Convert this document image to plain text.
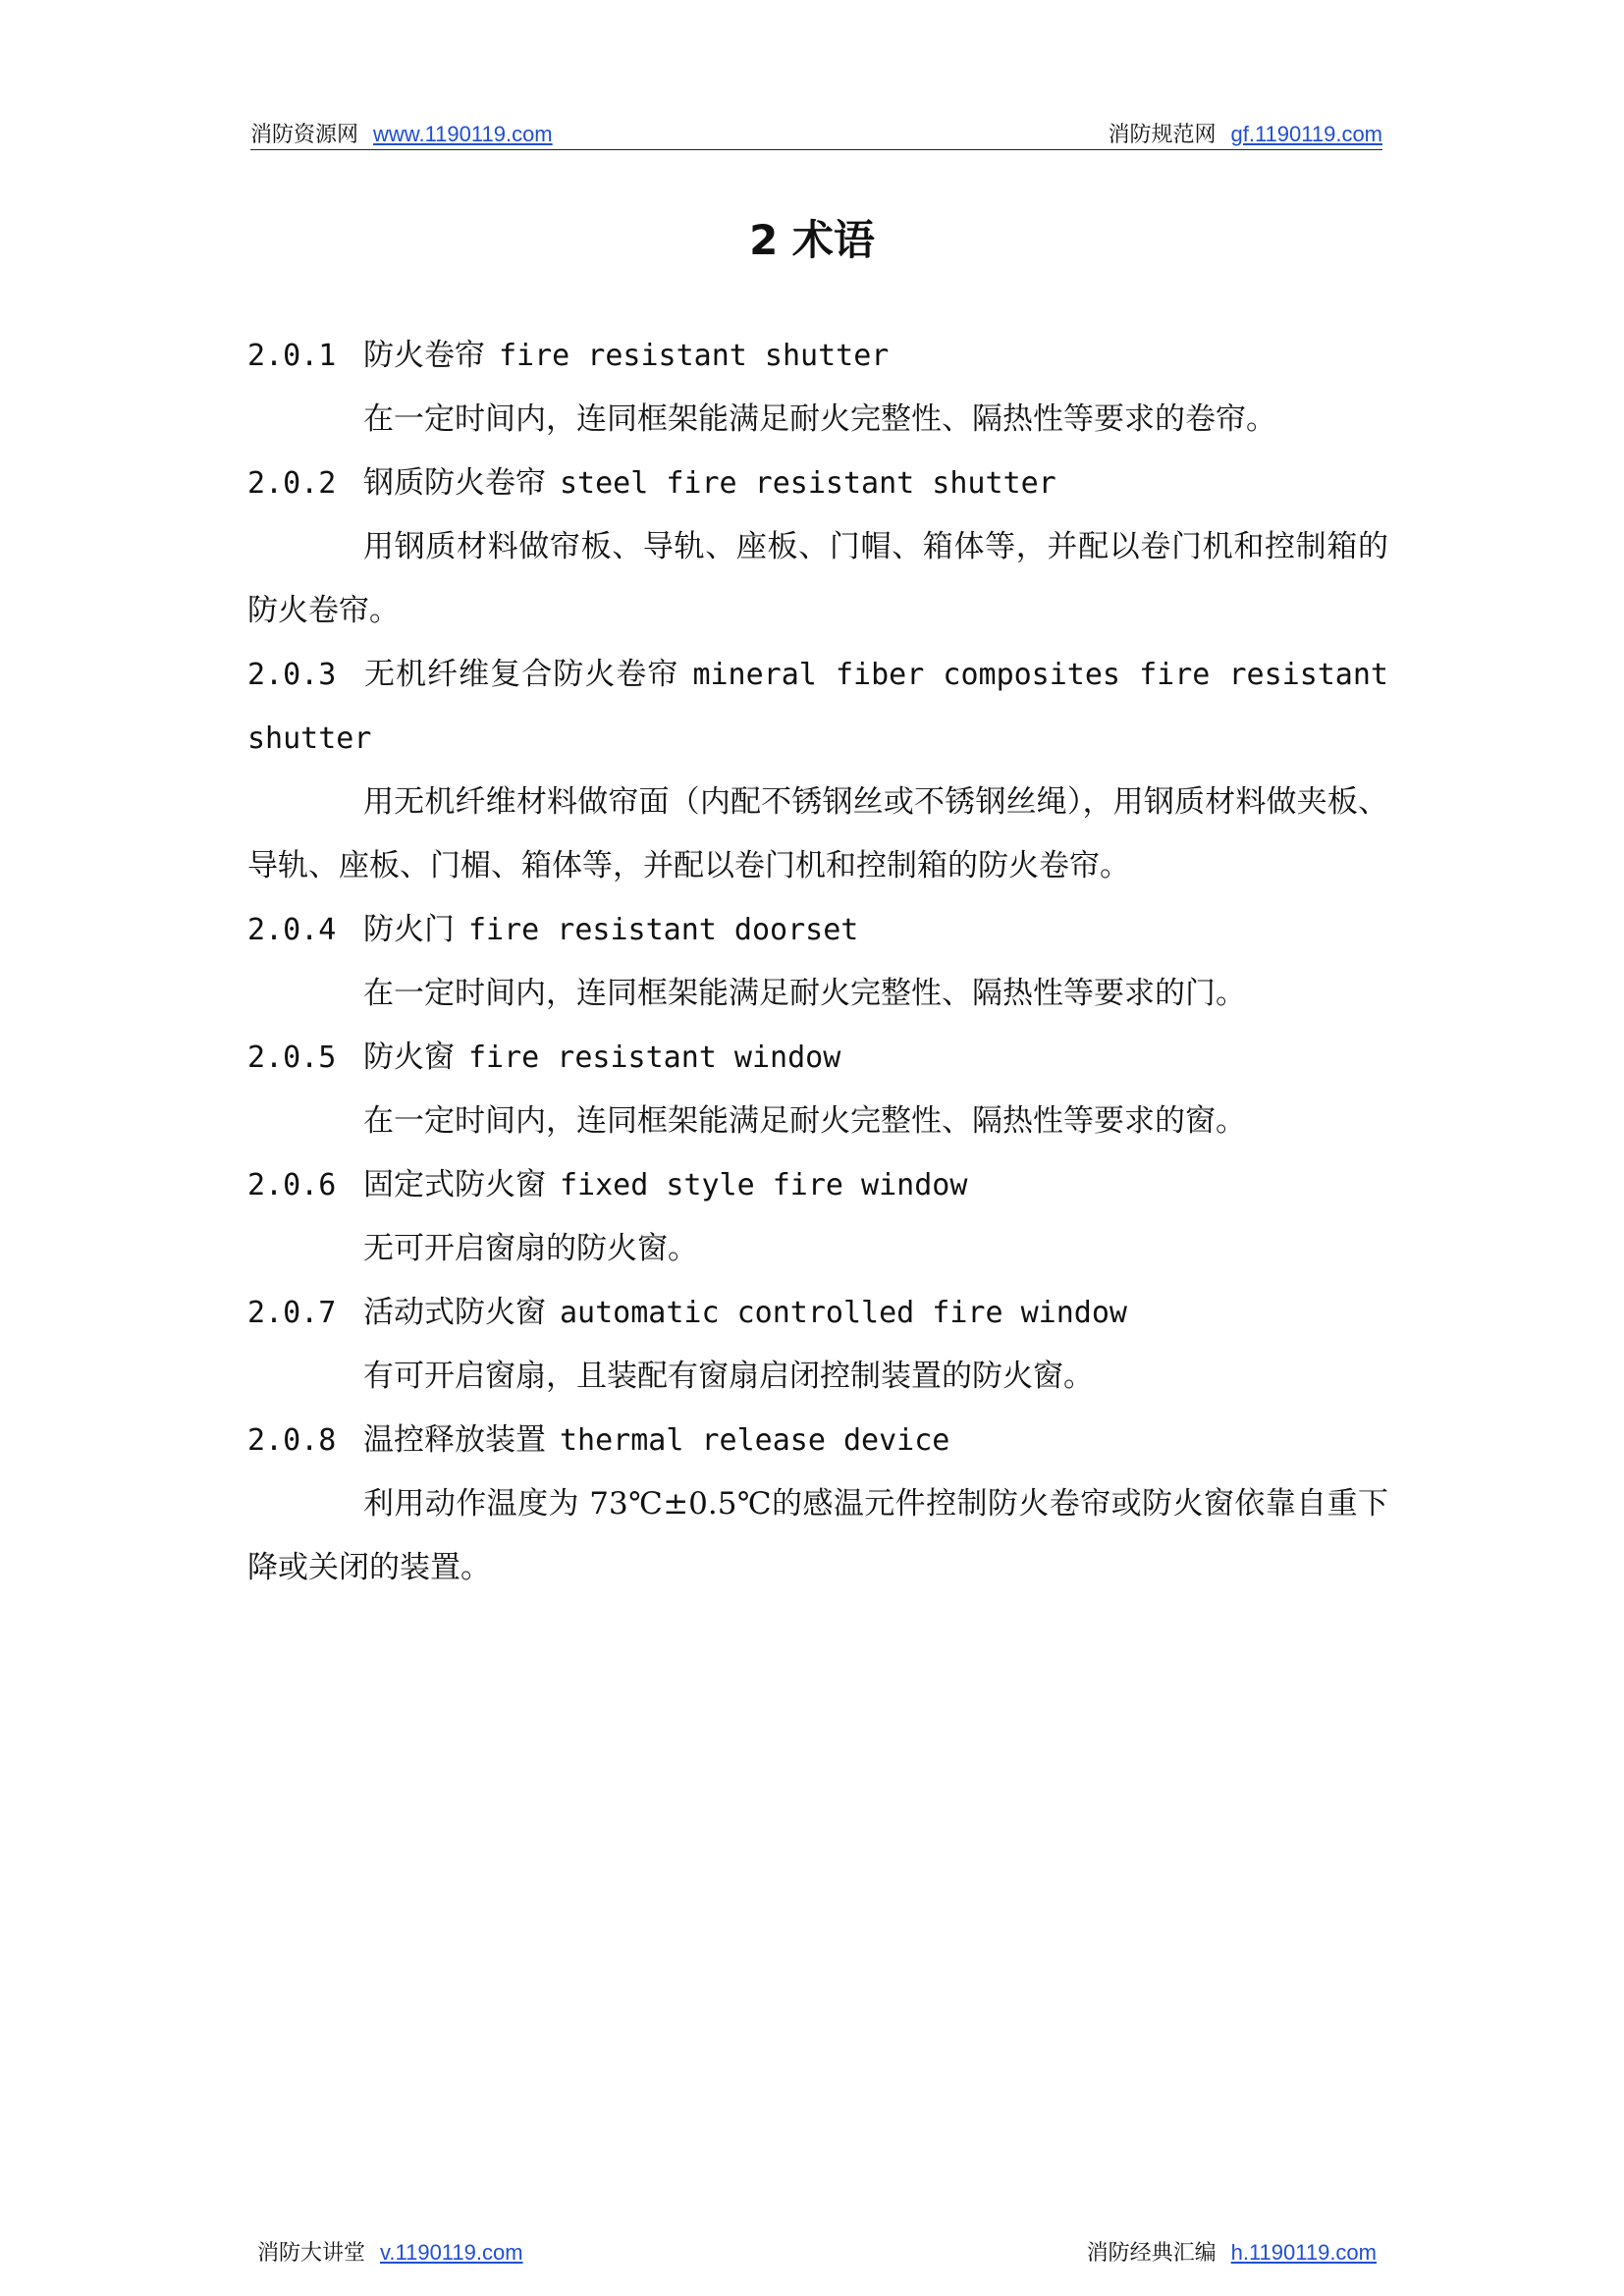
消防资源网 www.1190119.com	消防规范网 gf.1190119.com
2 术语
2.0.1 防火卷帘 fire resistant shutter
在一定时间内，连同框架能满足耐火完整性、隔热性等要求的卷帘。
2.0.2 钢质防火卷帘 steel fire resistant shutter
用钢质材料做帘板、导轨、座板、门帽、箱体等，并配以卷门机和控制箱的防火卷帘。
2.0.3 无机纤维复合防火卷帘 mineral fiber composites fire resistant shutter
用无机纤维材料做帘面（内配不锈钢丝或不锈钢丝绳），用钢质材料做夹板、导轨、座板、门楣、箱体等，并配以卷门机和控制箱的防火卷帘。
2.0.4 防火门 fire resistant doorset
在一定时间内，连同框架能满足耐火完整性、隔热性等要求的门。
2.0.5 防火窗 fire resistant window
在一定时间内，连同框架能满足耐火完整性、隔热性等要求的窗。
2.0.6 固定式防火窗 fixed style fire window
无可开启窗扇的防火窗。
2.0.7 活动式防火窗 automatic controlled fire window
有可开启窗扇，且装配有窗扇启闭控制装置的防火窗。
2.0.8 温控释放装置 thermal release device
利用动作温度为 73℃±0.5℃的感温元件控制防火卷帘或防火窗依靠自重下降或关闭的装置。
消防大讲堂 v.1190119.com	消防经典汇编 h.1190119.com
